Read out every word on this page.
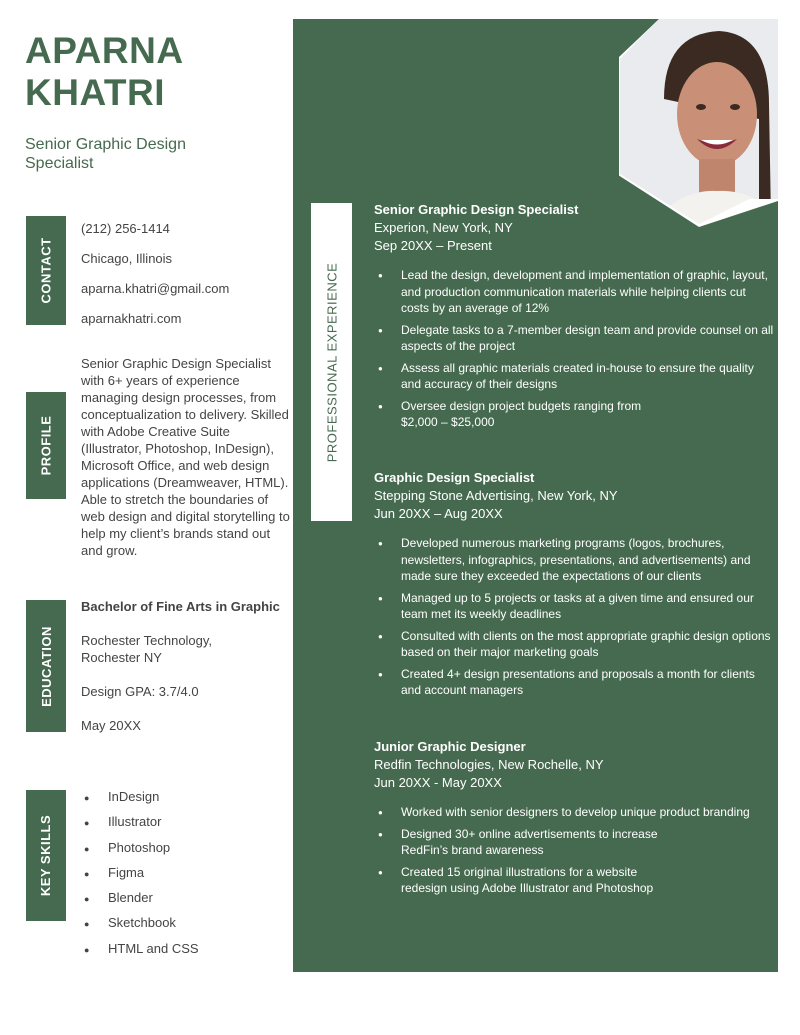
APARNA
KHATRI
Senior Graphic Design Specialist
CONTACT
(212) 256-1414
Chicago, Illinois
aparna.khatri@gmail.com
aparnakhatri.com
PROFILE
Senior Graphic Design Specialist with 6+ years of experience managing design processes, from conceptualization to delivery. Skilled with Adobe Creative Suite (Illustrator, Photoshop, InDesign), Microsoft Office, and web design applications (Dreamweaver, HTML). Able to stretch the boundaries of web design and digital storytelling to help my client’s brands stand out and grow.
EDUCATION
Bachelor of Fine Arts in Graphic
Rochester Technology, Rochester NY
Design GPA: 3.7/4.0
May 20XX
KEY SKILLS
● InDesign
● Illustrator
● Photoshop
● Figma
● Blender
● Sketchbook
● HTML and CSS
PROFESSIONAL EXPERIENCE
Senior Graphic Design Specialist
Experion, New York, NY
Sep 20XX – Present
● Lead the design, development and implementation of graphic, layout, and production communication materials while helping clients cut costs by an average of 12%
● Delegate tasks to a 7-member design team and provide counsel on all aspects of the project
● Assess all graphic materials created in-house to ensure the quality and accuracy of their designs
● Oversee design project budgets ranging from $2,000 – $25,000
Graphic Design Specialist
Stepping Stone Advertising, New York, NY
Jun 20XX – Aug 20XX
● Developed numerous marketing programs (logos, brochures, newsletters, infographics, presentations, and advertisements) and made sure they exceeded the expectations of our clients
● Managed up to 5 projects or tasks at a given time and ensured our team met its weekly deadlines
● Consulted with clients on the most appropriate graphic design options based on their major marketing goals
● Created 4+ design presentations and proposals a month for clients and account managers
Junior Graphic Designer
Redfin Technologies, New Rochelle, NY
Jun 20XX - May 20XX
● Worked with senior designers to develop unique product branding
● Designed 30+ online advertisements to increase RedFin’s brand awareness
● Created 15 original illustrations for a website redesign using Adobe Illustrator and Photoshop
